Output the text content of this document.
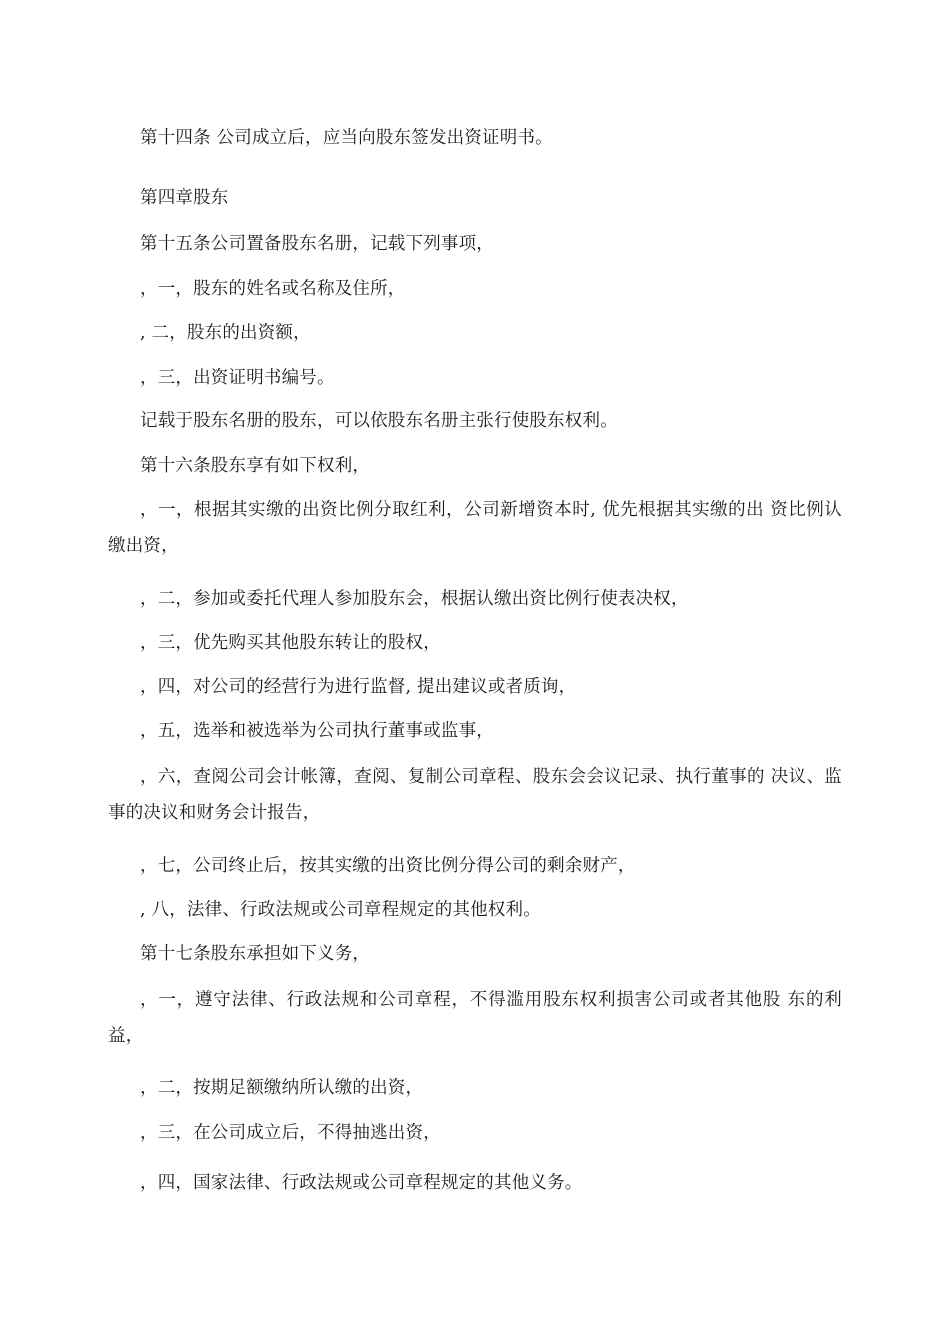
第十四条 公司成立后，应当向股东签发出资证明书。
第四章股东
第十五条公司置备股东名册，记载下列事项，
，一，股东的姓名或名称及住所，
, 二，股东的出资额，
，三，出资证明书编号。
记载于股东名册的股东，可以依股东名册主张行使股东权利。
第十六条股东享有如下权利，
，一，根据其实缴的出资比例分取红利，公司新增资本时, 优先根据其实缴的出 资比例认缴出资，
，二，参加或委托代理人参加股东会，根据认缴出资比例行使表决权，
，三，优先购买其他股东转让的股权，
，四，对公司的经营行为进行监督, 提出建议或者质询，
，五，选举和被选举为公司执行董事或监事，
，六，查阅公司会计帐簿，查阅、复制公司章程、股东会会议记录、执行董事的 决议、监事的决议和财务会计报告，
，七，公司终止后，按其实缴的出资比例分得公司的剩余财产，
, 八，法律、行政法规或公司章程规定的其他权利。
第十七条股东承担如下义务，
，一，遵守法律、行政法规和公司章程，不得滥用股东权利损害公司或者其他股 东的利益，
，二，按期足额缴纳所认缴的出资，
，三，在公司成立后，不得抽逃出资，
，四，国家法律、行政法规或公司章程规定的其他义务。
